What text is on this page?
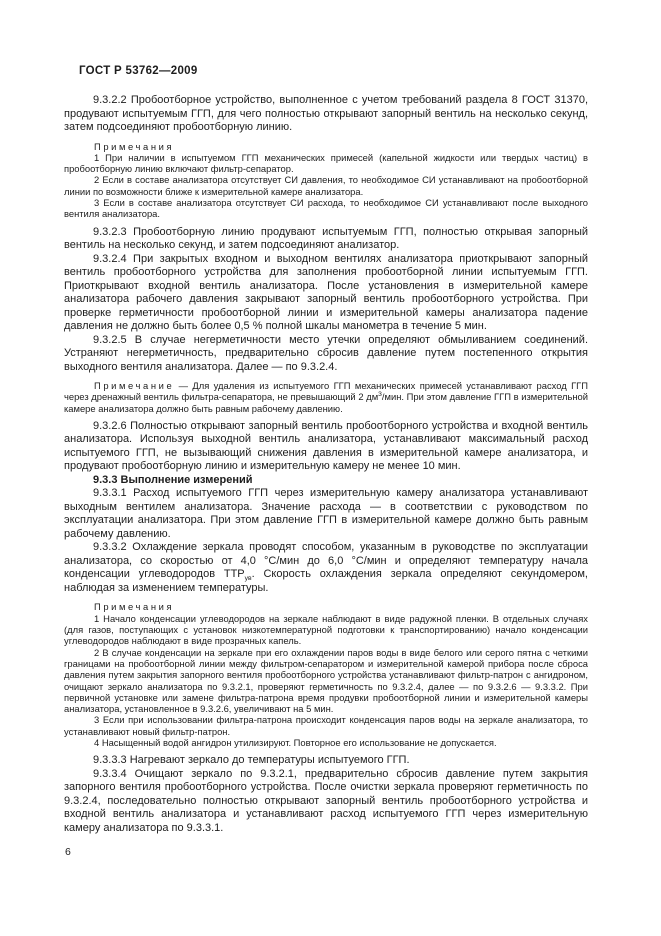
ГОСТ Р 53762—2009

9.3.2.2 Пробоотборное устройство, выполненное с учетом требований раздела 8 ГОСТ 31370, продувают испытуемым ГГП, для чего полностью открывают запорный вентиль на несколько секунд, затем подсоединяют пробоотборную линию.

Примечания

1 При наличии в испытуемом ГГП механических примесей (капельной жидкости или твердых частиц) в пробоотборную линию включают фильтр-сепаратор.

2 Если в составе анализатора отсутствует СИ давления, то необходимое СИ устанавливают на пробоотборной линии по возможности ближе к измерительной камере анализатора.

3 Если в составе анализатора отсутствует СИ расхода, то необходимое СИ устанавливают после выходного вентиля анализатора.

9.3.2.3 Пробоотборную линию продувают испытуемым ГГП, полностью открывая запорный вентиль на несколько секунд, и затем подсоединяют анализатор.

9.3.2.4 При закрытых входном и выходном вентилях анализатора приоткрывают запорный вентиль пробоотборного устройства для заполнения пробоотборной линии испытуемым ГГП. Приоткрывают входной вентиль анализатора. После установления в измерительной камере анализатора рабочего давления закрывают запорный вентиль пробоотборного устройства. При проверке герметичности пробоотборной линии и измерительной камеры анализатора падение давления не должно быть более 0,5 % полной шкалы манометра в течение 5 мин.

9.3.2.5 В случае негерметичности место утечки определяют обмыливанием соединений. Устраняют негерметичность, предварительно сбросив давление путем постепенного открытия выходного вентиля анализатора. Далее — по 9.3.2.4.

Примечание — Для удаления из испытуемого ГГП механических примесей устанавливают расход ГГП через дренажный вентиль фильтра-сепаратора, не превышающий 2 $дм^3$/мин. При этом давление ГГП в измерительной камере анализатора должно быть равным рабочему давлению.

9.3.2.6 Полностью открывают запорный вентиль пробоотборного устройства и входной вентиль анализатора. Используя выходной вентиль анализатора, устанавливают максимальный расход испытуемого ГГП, не вызывающий снижения давления в измерительной камере анализатора, и продувают пробоотборную линию и измерительную камеру не менее 10 мин.

9.3.3 Выполнение измерений

9.3.3.1 Расход испытуемого ГГП через измерительную камеру анализатора устанавливают выходным вентилем анализатора. Значение расхода — в соответствии с руководством по эксплуатации анализатора. При этом давление ГГП в измерительной камере должно быть равным рабочему давлению.

9.3.3.2 Охлаждение зеркала проводят способом, указанным в руководстве по эксплуатации анализатора, со скоростью от 4,0 °С/мин до 6,0 °С/мин и определяют температуру начала конденсации углеводородов $ТТР_{ув}$. Скорость охлаждения зеркала определяют секундомером, наблюдая за изменением температуры.

Примечания

1 Начало конденсации углеводородов на зеркале наблюдают в виде радужной пленки. В отдельных случаях (для газов, поступающих с установок низкотемпературной подготовки к транспортированию) начало конденсации углеводородов наблюдают в виде прозрачных капель.

2 В случае конденсации на зеркале при его охлаждении паров воды в виде белого или серого пятна с четкими границами на пробоотборной линии между фильтром-сепаратором и измерительной камерой прибора после сброса давления путем закрытия запорного вентиля пробоотборного устройства устанавливают фильтр-патрон с ангидроном, очищают зеркало анализатора по 9.3.2.1, проверяют герметичность по 9.3.2.4, далее — по 9.3.2.6 — 9.3.3.2. При первичной установке или замене фильтра-патрона время продувки пробоотборной линии и измерительной камеры анализатора, установленное в 9.3.2.6, увеличивают на 5 мин.

3 Если при использовании фильтра-патрона происходит конденсация паров воды на зеркале анализатора, то устанавливают новый фильтр-патрон.

4 Насыщенный водой ангидрон утилизируют. Повторное его использование не допускается.

9.3.3.3 Нагревают зеркало до температуры испытуемого ГГП.

9.3.3.4 Очищают зеркало по 9.3.2.1, предварительно сбросив давление путем закрытия запорного вентиля пробоотборного устройства. После очистки зеркала проверяют герметичность по 9.3.2.4, последовательно полностью открывают запорный вентиль пробоотборного устройства и входной вентиль анализатора и устанавливают расход испытуемого ГГП через измерительную камеру анализатора по 9.3.3.1.

6
